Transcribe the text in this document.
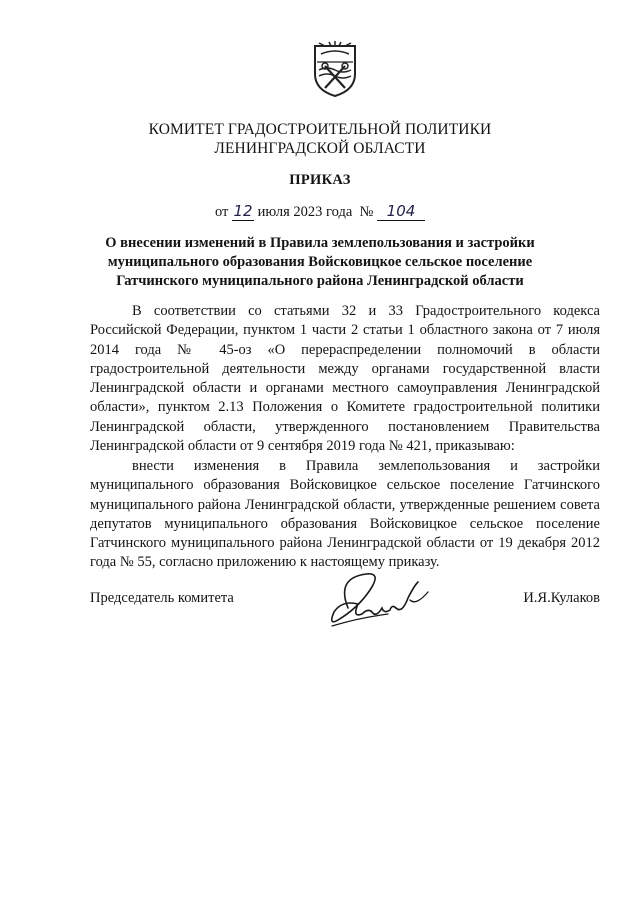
КОМИТЕТ ГРАДОСТРОИТЕЛЬНОЙ ПОЛИТИКИ
ЛЕНИНГРАДСКОЙ ОБЛАСТИ
ПРИКАЗ
от 12 июля 2023 года № 104
О внесении изменений в Правила землепользования и застройки
муниципального образования Войсковицкое сельское поселение
Гатчинского муниципального района Ленинградской области

В соответствии со статьями 32 и 33 Градостроительного кодекса Российской Федерации, пунктом 1 части 2 статьи 1 областного закона от 7 июля 2014 года № 45-оз «О перераспределении полномочий в области градостроительной деятельности между органами государственной власти Ленинградской области и органами местного самоуправления Ленинградской области», пунктом 2.13 Положения о Комитете градостроительной политики Ленинградской области, утвержденного постановлением Правительства Ленинградской области от 9 сентября 2019 года № 421, приказываю:

внести изменения в Правила землепользования и застройки муниципального образования Войсковицкое сельское поселение Гатчинского муниципального района Ленинградской области, утвержденные решением совета депутатов муниципального образования Войсковицкое сельское поселение Гатчинского муниципального района Ленинградской области от 19 декабря 2012 года № 55, согласно приложению к настоящему приказу.

Председатель комитета	И.Я.Кулаков
